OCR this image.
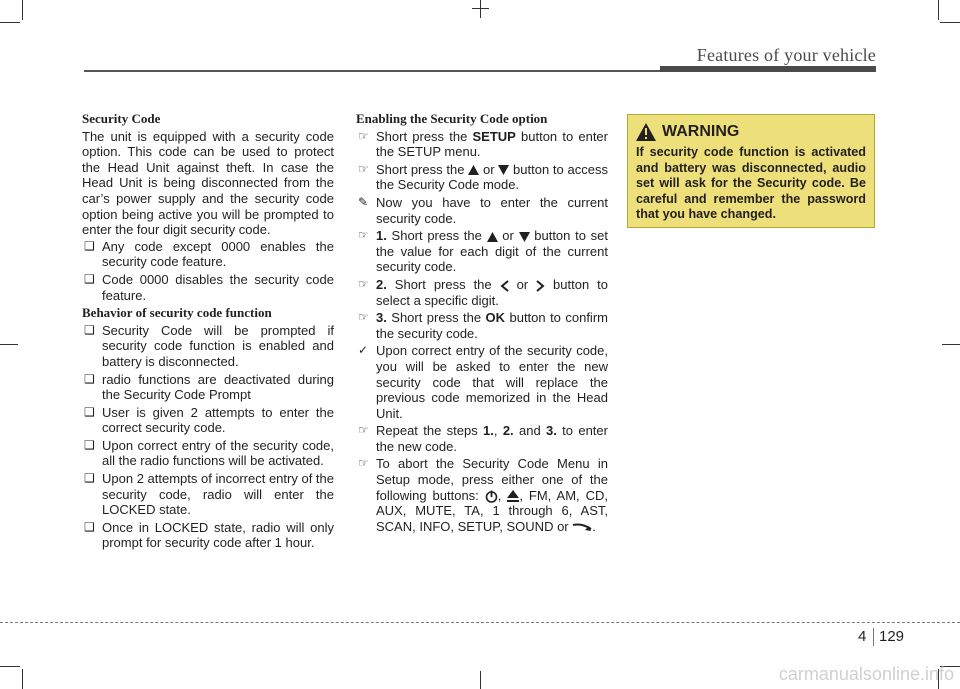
Features of your vehicle
Security Code
The unit is equipped with a security code option. This code can be used to protect the Head Unit against theft. In case the Head Unit is being disconnected from the car’s power supply and the security code option being active you will be prompted to enter the four digit security code.
❑ Any code except 0000 enables the security code feature.
❑ Code 0000 disables the security code feature.
Behavior of security code function
❑ Security Code will be prompted if security code function is enabled and battery is disconnected.
❑ radio functions are deactivated during the Security Code Prompt
❑ User is given 2 attempts to enter the correct security code.
❑ Upon correct entry of the security code, all the radio functions will be activated.
❑ Upon 2 attempts of incorrect entry of the security code, radio will enter the LOCKED state.
❑ Once in LOCKED state, radio will only prompt for security code after 1 hour.
Enabling the Security Code option
☞ Short press the SETUP button to enter the SETUP menu.
☞ Short press the  or  button to access the Security Code mode.
✎ Now you have to enter the current security code.
☞ 1. Short press the  or  button to set the value for each digit of the current security code.
☞ 2. Short press the  or  button to select a specific digit.
☞ 3. Short press the OK button to confirm the security code.
✓ Upon correct entry of the security code, you will be asked to enter the new security code that will replace the previous code memorized in the Head Unit.
☞ Repeat the steps 1., 2. and 3. to enter the new code.
☞ To abort the Security Code Menu in Setup mode, press either one of the following buttons: , , FM, AM, CD, AUX, MUTE, TA, 1 through 6, AST, SCAN, INFO, SETUP, SOUND or .
WARNING
If security code function is activated and battery was disconnected, audio set will ask for the Security code. Be careful and remember the password that you have changed.
4 129
carmanualsonline.info
